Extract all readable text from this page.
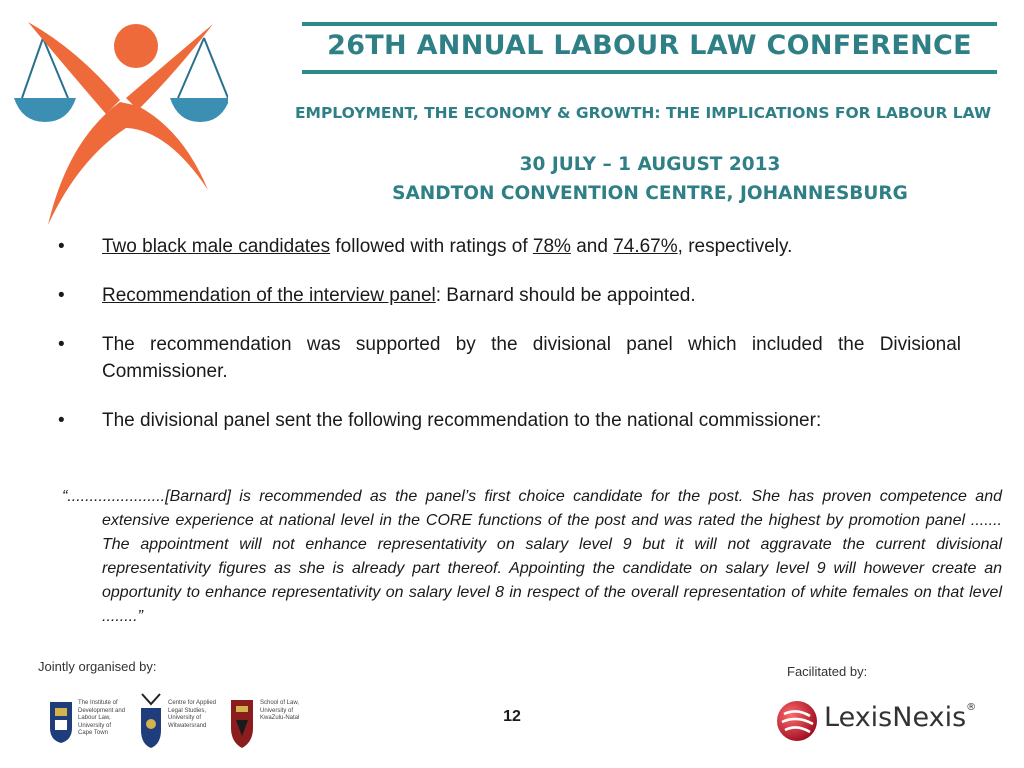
26TH ANNUAL LABOUR LAW CONFERENCE
EMPLOYMENT, THE ECONOMY & GROWTH: THE IMPLICATIONS FOR LABOUR LAW
30 JULY – 1 AUGUST 2013
SANDTON CONVENTION CENTRE, JOHANNESBURG
• Two black male candidates followed with ratings of 78% and 74.67%, respectively.
• Recommendation of the interview panel: Barnard should be appointed.
• The recommendation was supported by the divisional panel which included the Divisional Commissioner.
• The divisional panel sent the following recommendation to the national commissioner:
“......................[Barnard] is recommended as the panel’s first choice candidate for the post. She has proven competence and extensive experience at national level in the CORE functions of the post and was rated the highest by promotion panel ....... The appointment will not enhance representativity on salary level 9 but it will not aggravate the current divisional representativity figures as she is already part thereof. Appointing the candidate on salary level 9 will however create an opportunity to enhance representativity on salary level 8 in respect of the overall representation of white females on that level ........”
Jointly organised by:	Facilitated by:
The Institute of
Development and
Labour Law,
University of
Cape Town
Centre for Applied
Legal Studies,
University of
Witwatersrand
School of Law,
University of
KwaZulu-Natal	12	LexisNexis®
